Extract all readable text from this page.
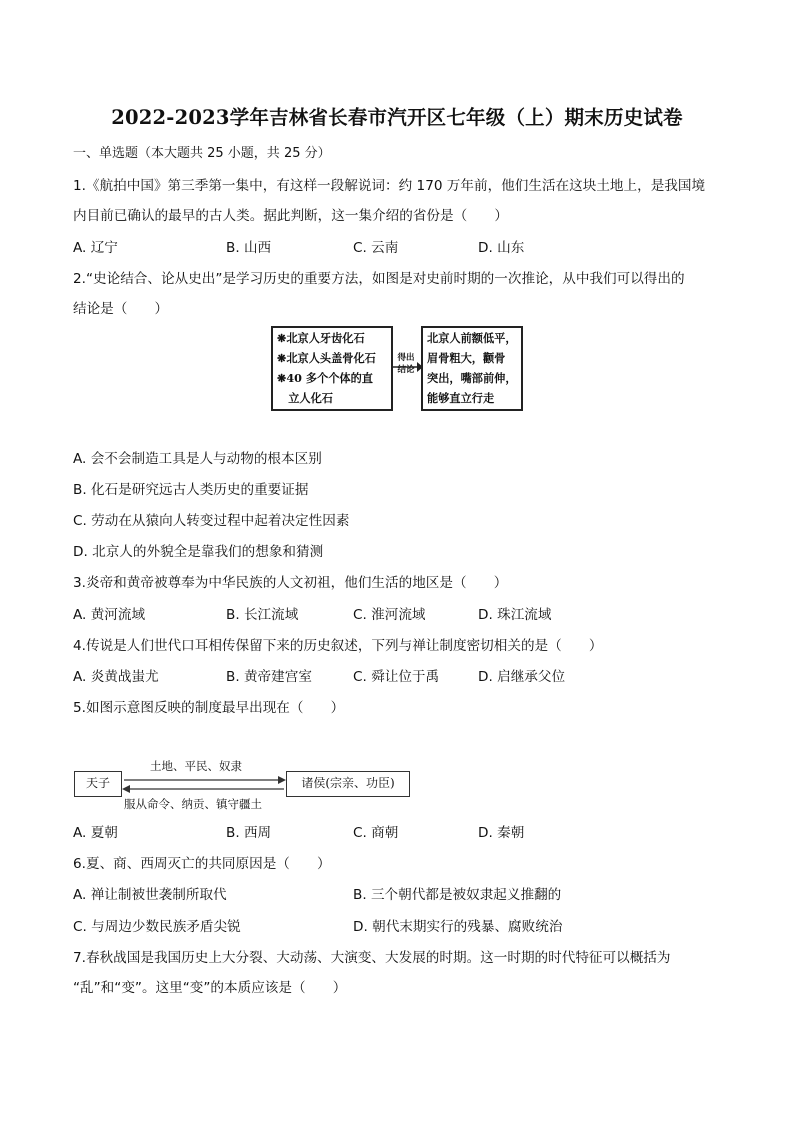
2022-2023学年吉林省长春市汽开区七年级（上）期末历史试卷
一、单选题（本大题共 25 小题，共 25 分）
1.《航拍中国》第三季第一集中，有这样一段解说词：约 170 万年前，他们生活在这块土地上，是我国境
内目前已确认的最早的古人类。据此判断，这一集介绍的省份是（　　）
A. 辽宁	B. 山西	C. 云南	D. 山东
2.“史论结合、论从史出”是学习历史的重要方法，如图是对史前时期的一次推论，从中我们可以得出的
结论是（　　）
❋北京人牙齿化石
❋北京人头盖骨化石
❋40 多个个体的直
　立人化石
得出
结论
北京人前额低平，
眉骨粗大，颧骨
突出，嘴部前伸，
能够直立行走
A. 会不会制造工具是人与动物的根本区别
B. 化石是研究远古人类历史的重要证据
C. 劳动在从猿向人转变过程中起着决定性因素
D. 北京人的外貌全是靠我们的想象和猜测
3.炎帝和黄帝被尊奉为中华民族的人文初祖，他们生活的地区是（　　）
A. 黄河流域	B. 长江流域	C. 淮河流域	D. 珠江流域
4.传说是人们世代口耳相传保留下来的历史叙述，下列与禅让制度密切相关的是（　　）
A. 炎黄战蚩尤	B. 黄帝建宫室	C. 舜让位于禹	D. 启继承父位
5.如图示意图反映的制度最早出现在（　　）
天子
土地、平民、奴隶
诸侯(宗亲、功臣)
服从命令、纳贡、镇守疆土
A. 夏朝	B. 西周	C. 商朝	D. 秦朝
6.夏、商、西周灭亡的共同原因是（　　）
A. 禅让制被世袭制所取代	B. 三个朝代都是被奴隶起义推翻的
C. 与周边少数民族矛盾尖锐	D. 朝代末期实行的残暴、腐败统治
7.春秋战国是我国历史上大分裂、大动荡、大演变、大发展的时期。这一时期的时代特征可以概括为
“乱”和“变”。这里“变”的本质应该是（　　）
